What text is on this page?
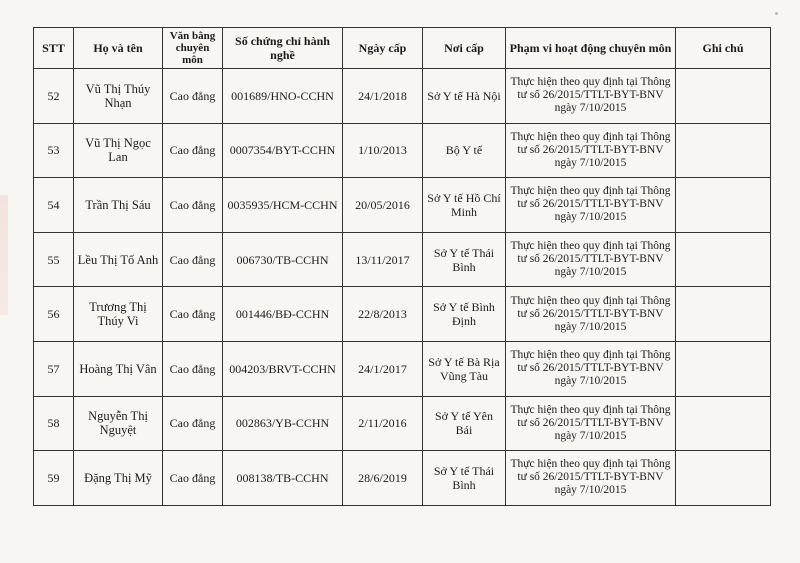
STT	Họ và tên	Văn bằng chuyên môn	Số chứng chỉ hành nghề	Ngày cấp	Nơi cấp	Phạm vi hoạt động chuyên môn	Ghi chú
52	Vũ Thị Thúy Nhạn	Cao đẳng	001689/HNO-CCHN	24/1/2018	Sở Y tế Hà Nội	Thực hiện theo quy định tại Thông tư số 26/2015/TTLT-BYT-BNV ngày 7/10/2015	
53	Vũ Thị Ngọc Lan	Cao đẳng	0007354/BYT-CCHN	1/10/2013	Bộ Y tế	Thực hiện theo quy định tại Thông tư số 26/2015/TTLT-BYT-BNV ngày 7/10/2015	
54	Trần Thị Sáu	Cao đẳng	0035935/HCM-CCHN	20/05/2016	Sở Y tế Hồ Chí Minh	Thực hiện theo quy định tại Thông tư số 26/2015/TTLT-BYT-BNV ngày 7/10/2015	
55	Lều Thị Tố Anh	Cao đẳng	006730/TB-CCHN	13/11/2017	Sở Y tế Thái Bình	Thực hiện theo quy định tại Thông tư số 26/2015/TTLT-BYT-BNV ngày 7/10/2015	
56	Trương Thị Thúy Vi	Cao đẳng	001446/BĐ-CCHN	22/8/2013	Sở Y tế Bình Định	Thực hiện theo quy định tại Thông tư số 26/2015/TTLT-BYT-BNV ngày 7/10/2015	
57	Hoàng Thị Vân	Cao đẳng	004203/BRVT-CCHN	24/1/2017	Sở Y tế Bà Rịa Vũng Tàu	Thực hiện theo quy định tại Thông tư số 26/2015/TTLT-BYT-BNV ngày 7/10/2015	
58	Nguyễn Thị Nguyệt	Cao đẳng	002863/YB-CCHN	2/11/2016	Sở Y tế Yên Bái	Thực hiện theo quy định tại Thông tư số 26/2015/TTLT-BYT-BNV ngày 7/10/2015	
59	Đặng Thị Mỹ	Cao đẳng	008138/TB-CCHN	28/6/2019	Sở Y tế Thái Bình	Thực hiện theo quy định tại Thông tư số 26/2015/TTLT-BYT-BNV ngày 7/10/2015	
